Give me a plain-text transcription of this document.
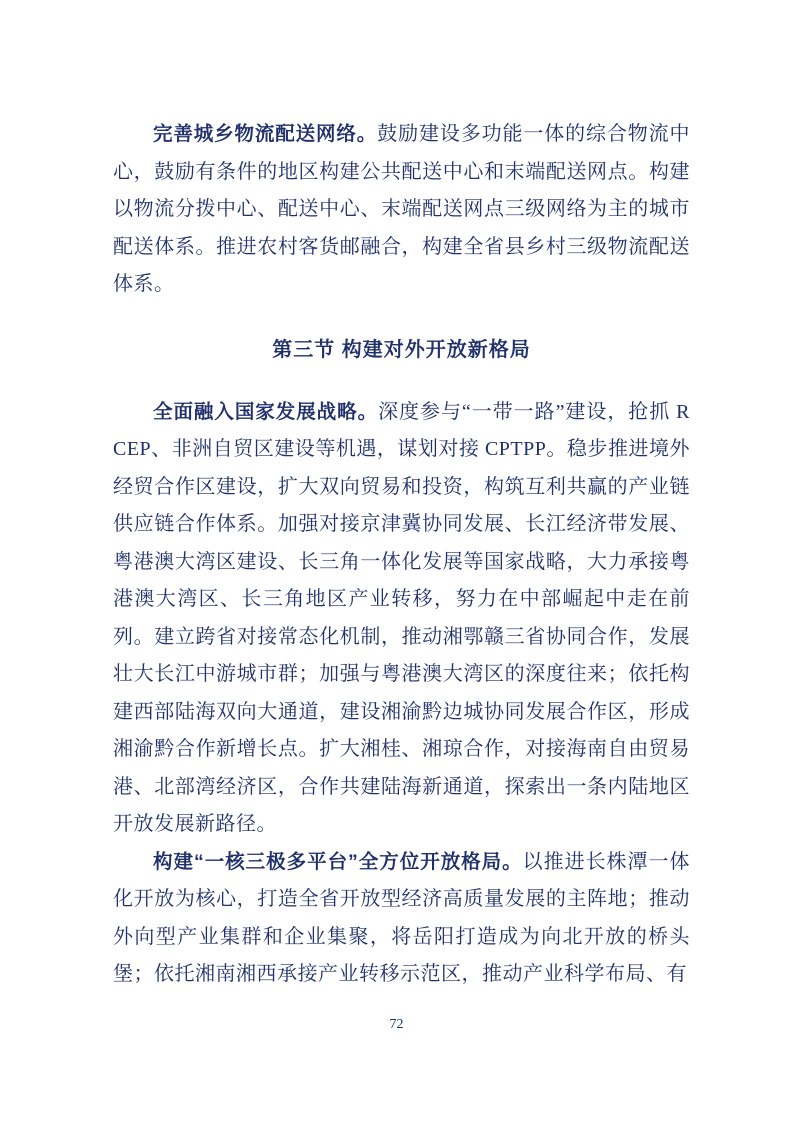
完善城乡物流配送网络。鼓励建设多功能一体的综合物流中心，鼓励有条件的地区构建公共配送中心和末端配送网点。构建以物流分拨中心、配送中心、末端配送网点三级网络为主的城市配送体系。推进农村客货邮融合，构建全省县乡村三级物流配送体系。

第三节 构建对外开放新格局

全面融入国家发展战略。深度参与“一带一路”建设，抢抓 RCEP、非洲自贸区建设等机遇，谋划对接 CPTPP。稳步推进境外经贸合作区建设，扩大双向贸易和投资，构筑互利共赢的产业链供应链合作体系。加强对接京津冀协同发展、长江经济带发展、粤港澳大湾区建设、长三角一体化发展等国家战略，大力承接粤港澳大湾区、长三角地区产业转移，努力在中部崛起中走在前列。建立跨省对接常态化机制，推动湘鄂赣三省协同合作，发展壮大长江中游城市群；加强与粤港澳大湾区的深度往来；依托构建西部陆海双向大通道，建设湘渝黔边城协同发展合作区，形成湘渝黔合作新增长点。扩大湘桂、湘琼合作，对接海南自由贸易港、北部湾经济区，合作共建陆海新通道，探索出一条内陆地区开放发展新路径。

构建“一核三极多平台”全方位开放格局。以推进长株潭一体化开放为核心，打造全省开放型经济高质量发展的主阵地；推动外向型产业集群和企业集聚，将岳阳打造成为向北开放的桥头堡；依托湘南湘西承接产业转移示范区，推动产业科学布局、有

72
